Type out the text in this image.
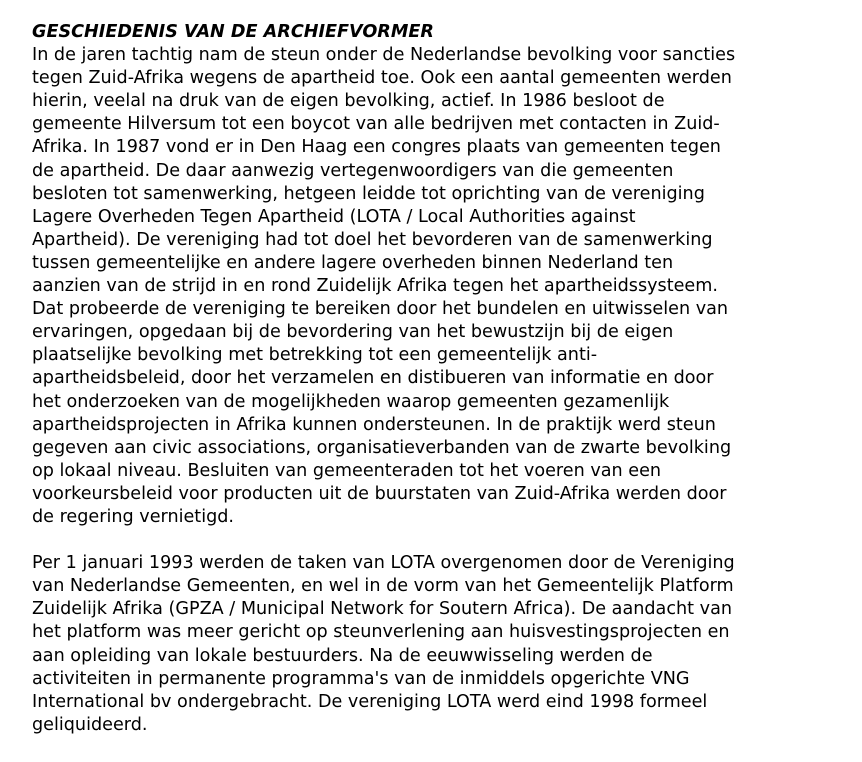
GESCHIEDENIS VAN DE ARCHIEFVORMER
In de jaren tachtig nam de steun onder de Nederlandse bevolking voor sancties
tegen Zuid-Afrika wegens de apartheid toe. Ook een aantal gemeenten werden
hierin, veelal na druk van de eigen bevolking, actief. In 1986 besloot de
gemeente Hilversum tot een boycot van alle bedrijven met contacten in Zuid-
Afrika. In 1987 vond er in Den Haag een congres plaats van gemeenten tegen
de apartheid. De daar aanwezig vertegenwoordigers van die gemeenten
besloten tot samenwerking, hetgeen leidde tot oprichting van de vereniging
Lagere Overheden Tegen Apartheid (LOTA / Local Authorities against
Apartheid). De vereniging had tot doel het bevorderen van de samenwerking
tussen gemeentelijke en andere lagere overheden binnen Nederland ten
aanzien van de strijd in en rond Zuidelijk Afrika tegen het apartheidssysteem.
Dat probeerde de vereniging te bereiken door het bundelen en uitwisselen van
ervaringen, opgedaan bij de bevordering van het bewustzijn bij de eigen
plaatselijke bevolking met betrekking tot een gemeentelijk anti-
apartheidsbeleid, door het verzamelen en distibueren van informatie en door
het onderzoeken van de mogelijkheden waarop gemeenten gezamenlijk
apartheidsprojecten in Afrika kunnen ondersteunen. In de praktijk werd steun
gegeven aan civic associations, organisatieverbanden van de zwarte bevolking
op lokaal niveau. Besluiten van gemeenteraden tot het voeren van een
voorkeursbeleid voor producten uit de buurstaten van Zuid-Afrika werden door
de regering vernietigd.
Per 1 januari 1993 werden de taken van LOTA overgenomen door de Vereniging
van Nederlandse Gemeenten, en wel in de vorm van het Gemeentelijk Platform
Zuidelijk Afrika (GPZA / Municipal Network for Soutern Africa). De aandacht van
het platform was meer gericht op steunverlening aan huisvestingsprojecten en
aan opleiding van lokale bestuurders. Na de eeuwwisseling werden de
activiteiten in permanente programma's van de inmiddels opgerichte VNG
International bv ondergebracht. De vereniging LOTA werd eind 1998 formeel
geliquideerd.
